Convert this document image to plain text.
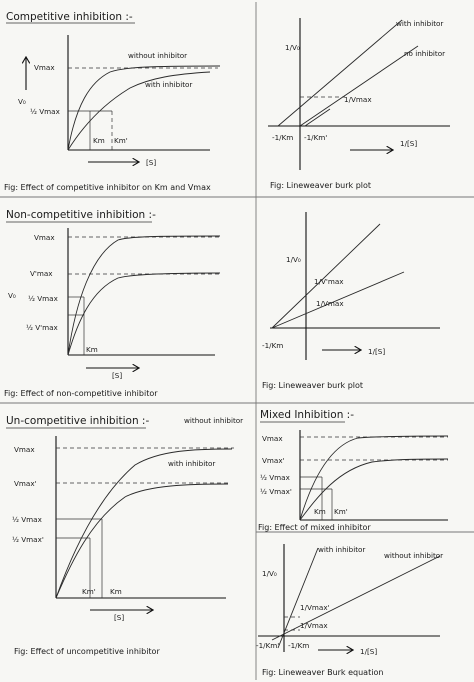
Competitive inhibition :-
V₀
Vmax
½ Vmax
without inhibitor
with inhibitor
Km Km'
[S]
Fig: Effect of competitive inhibitor on Km and Vmax
1/V₀
with inhibitor
no inhibitor
1/Vmax
-1/Km -1/Km'
1/[S]
Fig: Lineweaver burk plot
Non-competitive inhibition :-
V₀
Vmax
V'max
½ Vmax
½ V'max
Km
[S]
Fig: Effect of non-competitive inhibitor
1/V₀
1/V'max
1/Vmax
-1/Km
1/[S]
Fig: Lineweaver burk plot
Un-competitive inhibition :-	without inhibitor
with inhibitor
Vmax
Vmax'
½ Vmax
½ Vmax'
Km' Km
[S]
Fig: Effect of uncompetitive inhibitor
Mixed Inhibition :-
Vmax
Vmax'
½ Vmax
½ Vmax'
Km Km'
Fig: Effect of mixed inhibitor
1/V₀
with inhibitor
without inhibitor
1/Vmax'
1/Vmax
-1/Km' -1/Km
1/[S]
Fig: Lineweaver Burk equation
